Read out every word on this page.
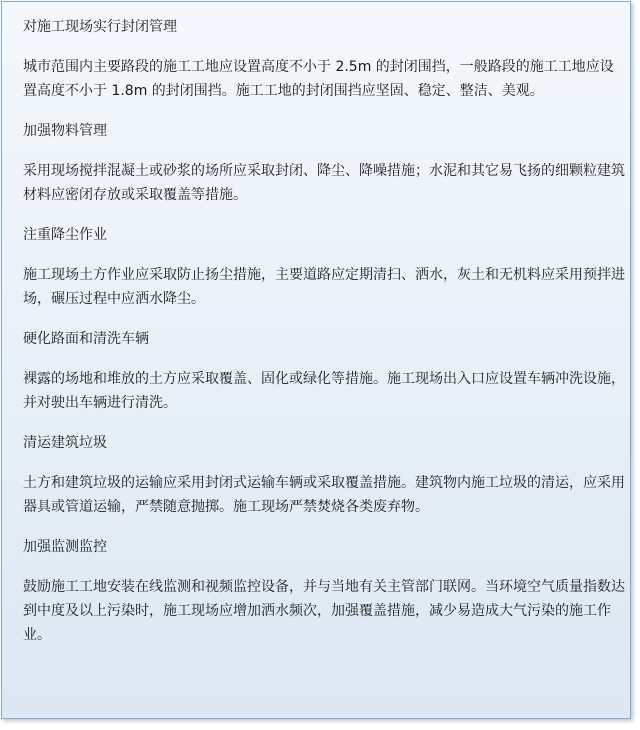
对施工现场实行封闭管理

城市范围内主要路段的施工工地应设置高度不小于 2.5m 的封闭围挡，一般路段的施工工地应设置高度不小于 1.8m 的封闭围挡。施工工地的封闭围挡应坚固、稳定、整洁、美观。

加强物料管理

采用现场搅拌混凝土或砂浆的场所应采取封闭、降尘、降噪措施；水泥和其它易飞扬的细颗粒建筑材料应密闭存放或采取覆盖等措施。

注重降尘作业

施工现场土方作业应采取防止扬尘措施，主要道路应定期清扫、洒水，灰土和无机料应采用预拌进场，碾压过程中应洒水降尘。

硬化路面和清洗车辆

裸露的场地和堆放的土方应采取覆盖、固化或绿化等措施。施工现场出入口应设置车辆冲洗设施，并对驶出车辆进行清洗。

清运建筑垃圾

土方和建筑垃圾的运输应采用封闭式运输车辆或采取覆盖措施。建筑物内施工垃圾的清运，应采用器具或管道运输，严禁随意抛掷。施工现场严禁焚烧各类废弃物。

加强监测监控

鼓励施工工地安装在线监测和视频监控设备，并与当地有关主管部门联网。当环境空气质量指数达到中度及以上污染时，施工现场应增加洒水频次，加强覆盖措施，减少易造成大气污染的施工作业。
